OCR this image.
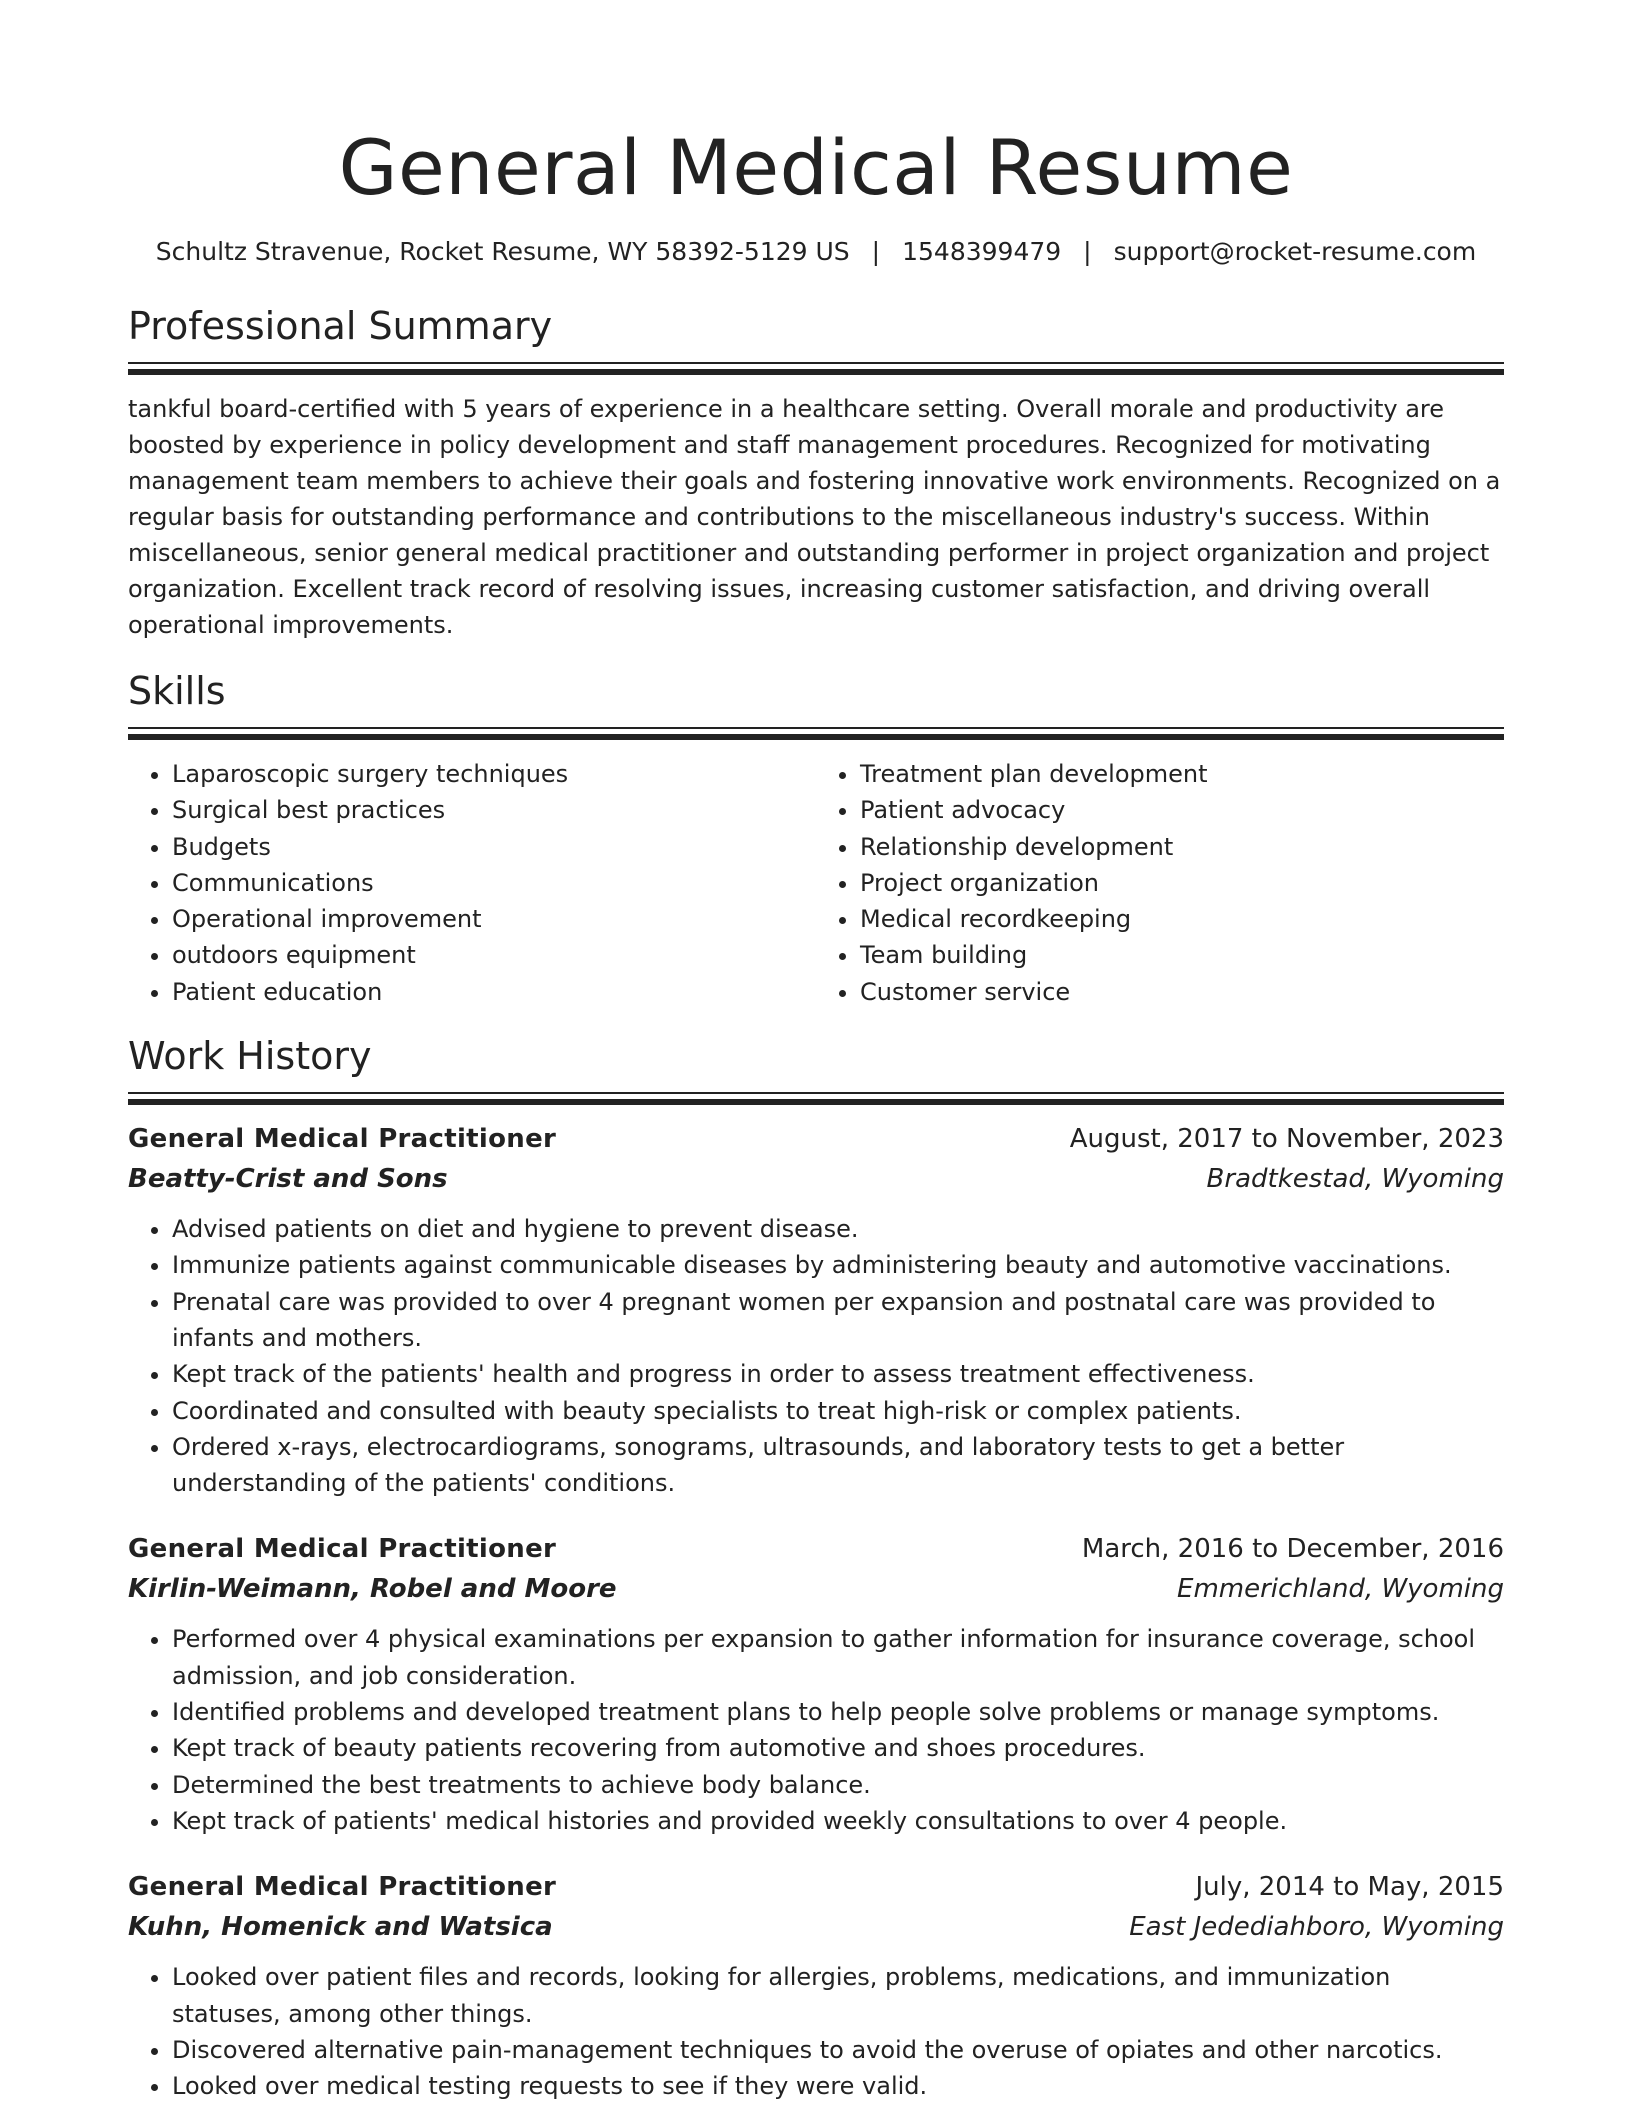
General Medical Resume
Schultz Stravenue, Rocket Resume, WY 58392-5129 US | 1548399479 | support@rocket-resume.com
Professional Summary

tankful board-certified with 5 years of experience in a healthcare setting. Overall morale and productivity are boosted by experience in policy development and staff management procedures. Recognized for motivating management team members to achieve their goals and fostering innovative work environments. Recognized on a regular basis for outstanding performance and contributions to the miscellaneous industry's success. Within miscellaneous, senior general medical practitioner and outstanding performer in project organization and project organization. Excellent track record of resolving issues, increasing customer satisfaction, and driving overall operational improvements.

Skills
• Laparoscopic surgery techniques
• Surgical best practices
• Budgets
• Communications
• Operational improvement
• outdoors equipment
• Patient education
• Treatment plan development
• Patient advocacy
• Relationship development
• Project organization
• Medical recordkeeping
• Team building
• Customer service
Work History
General Medical Practitioner	August, 2017 to November, 2023
Beatty-Crist and Sons	Bradtkestad, Wyoming
• Advised patients on diet and hygiene to prevent disease.
• Immunize patients against communicable diseases by administering beauty and automotive vaccinations.
• Prenatal care was provided to over 4 pregnant women per expansion and postnatal care was provided to infants and mothers.
• Kept track of the patients' health and progress in order to assess treatment effectiveness.
• Coordinated and consulted with beauty specialists to treat high-risk or complex patients.
• Ordered x-rays, electrocardiograms, sonograms, ultrasounds, and laboratory tests to get a better understanding of the patients' conditions.
General Medical Practitioner	March, 2016 to December, 2016
Kirlin-Weimann, Robel and Moore	Emmerichland, Wyoming
• Performed over 4 physical examinations per expansion to gather information for insurance coverage, school admission, and job consideration.
• Identified problems and developed treatment plans to help people solve problems or manage symptoms.
• Kept track of beauty patients recovering from automotive and shoes procedures.
• Determined the best treatments to achieve body balance.
• Kept track of patients' medical histories and provided weekly consultations to over 4 people.
General Medical Practitioner	July, 2014 to May, 2015
Kuhn, Homenick and Watsica	East Jedediahboro, Wyoming
• Looked over patient files and records, looking for allergies, problems, medications, and immunization statuses, among other things.
• Discovered alternative pain-management techniques to avoid the overuse of opiates and other narcotics.
• Looked over medical testing requests to see if they were valid.
